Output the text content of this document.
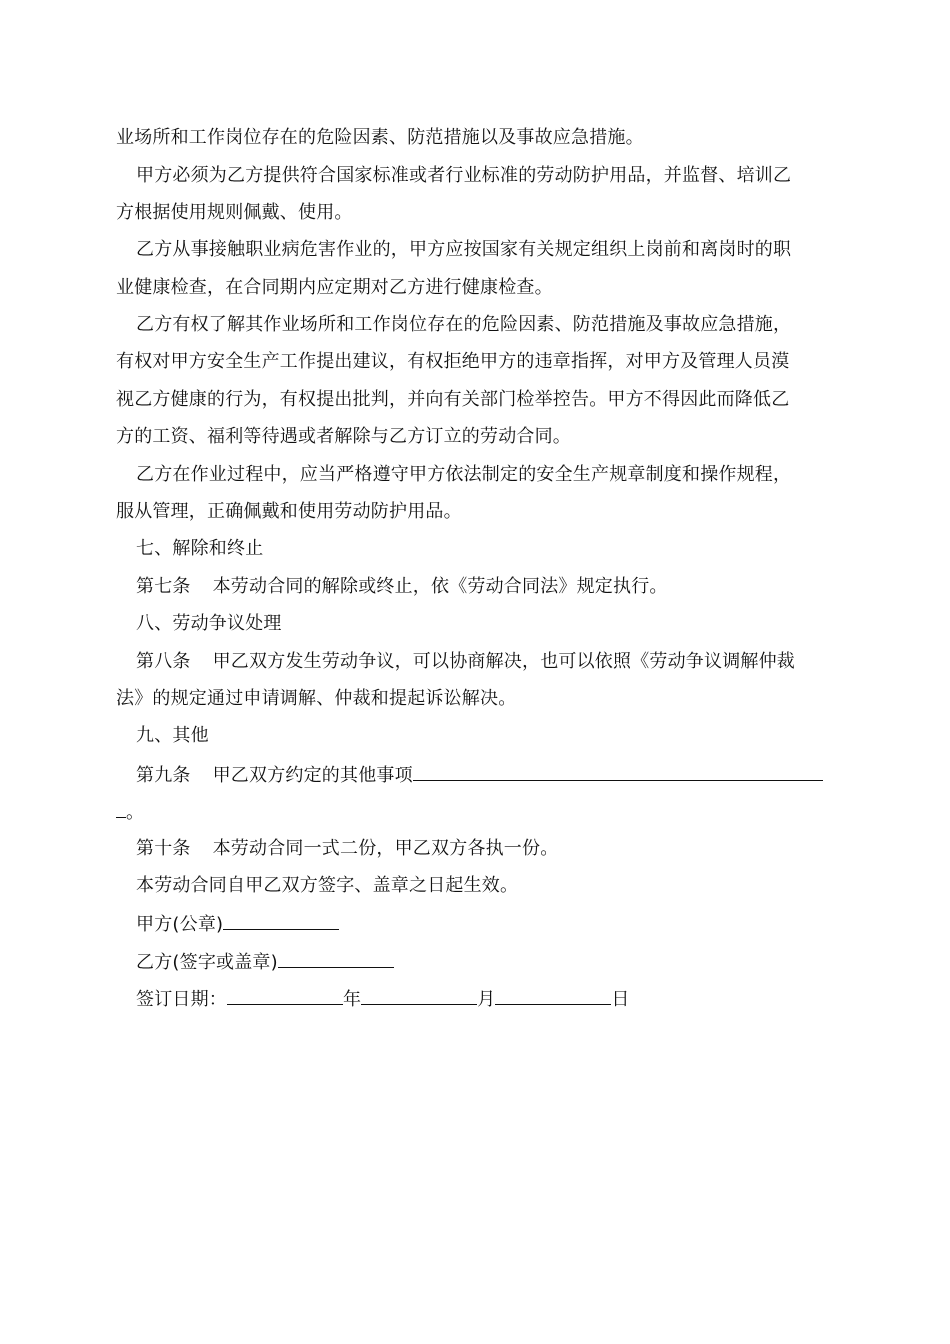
业场所和工作岗位存在的危险因素、防范措施以及事故应急措施。
甲方必须为乙方提供符合国家标准或者行业标准的劳动防护用品，并监督、培训乙
方根据使用规则佩戴、使用。
乙方从事接触职业病危害作业的，甲方应按国家有关规定组织上岗前和离岗时的职
业健康检查，在合同期内应定期对乙方进行健康检查。
乙方有权了解其作业场所和工作岗位存在的危险因素、防范措施及事故应急措施，
有权对甲方安全生产工作提出建议，有权拒绝甲方的违章指挥，对甲方及管理人员漠
视乙方健康的行为，有权提出批判，并向有关部门检举控告。甲方不得因此而降低乙
方的工资、福利等待遇或者解除与乙方订立的劳动合同。
乙方在作业过程中，应当严格遵守甲方依法制定的安全生产规章制度和操作规程，
服从管理，正确佩戴和使用劳动防护用品。
七、解除和终止
第七条 本劳动合同的解除或终止，依《劳动合同法》规定执行。
八、劳动争议处理
第八条 甲乙双方发生劳动争议，可以协商解决，也可以依照《劳动争议调解仲裁
法》的规定通过申请调解、仲裁和提起诉讼解决。
九、其他
第九条 甲乙双方约定的其他事项
。
第十条 本劳动合同一式二份，甲乙双方各执一份。
本劳动合同自甲乙双方签字、盖章之日起生效。
甲方(公章)
乙方(签字或盖章)
签订日期：	年	月	日
